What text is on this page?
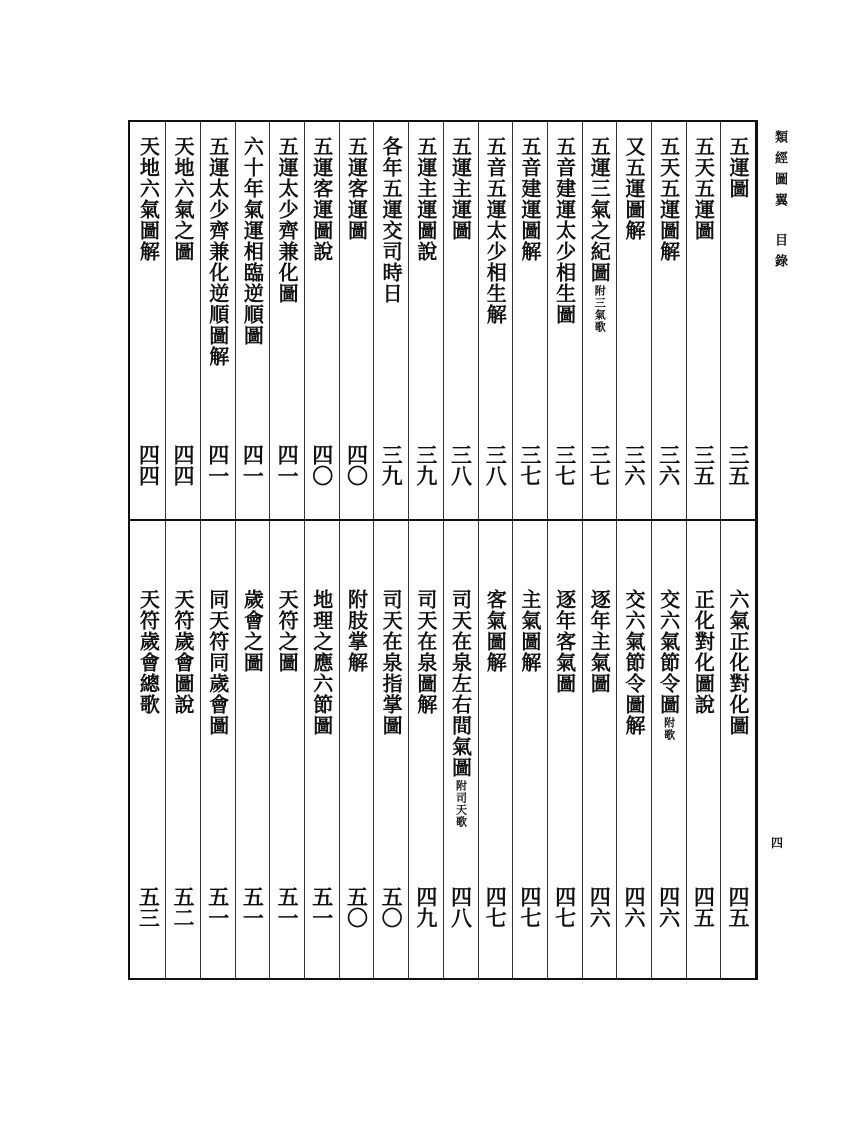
類經圖翼 目錄
四
五運圖
三五
五天五運圖
三五
五天五運圖解
三六
又五運圖解
三六
五運三氣之紀圖附三氣歌
三七
五音建運太少相生圖
三七
五音建運圖解
三七
五音五運太少相生解
三八
五運主運圖
三八
五運主運圖說
三九
各年五運交司時日
三九
五運客運圖
四〇
五運客運圖說
四〇
五運太少齊兼化圖
四一
六十年氣運相臨逆順圖
四一
五運太少齊兼化逆順圖解
四一
天地六氣之圖
四四
天地六氣圖解
四四
六氣正化對化圖
四五
正化對化圖說
四五
交六氣節令圖附歌
四六
交六氣節令圖解
四六
逐年主氣圖
四六
逐年客氣圖
四七
主氣圖解
四七
客氣圖解
四七
司天在泉左右間氣圖附司天歌
四八
司天在泉圖解
四九
司天在泉指掌圖
五〇
附肢掌解
五〇
地理之應六節圖
五一
天符之圖
五一
歲會之圖
五一
同天符同歲會圖
五一
天符歲會圖說
五二
天符歲會總歌
五三
